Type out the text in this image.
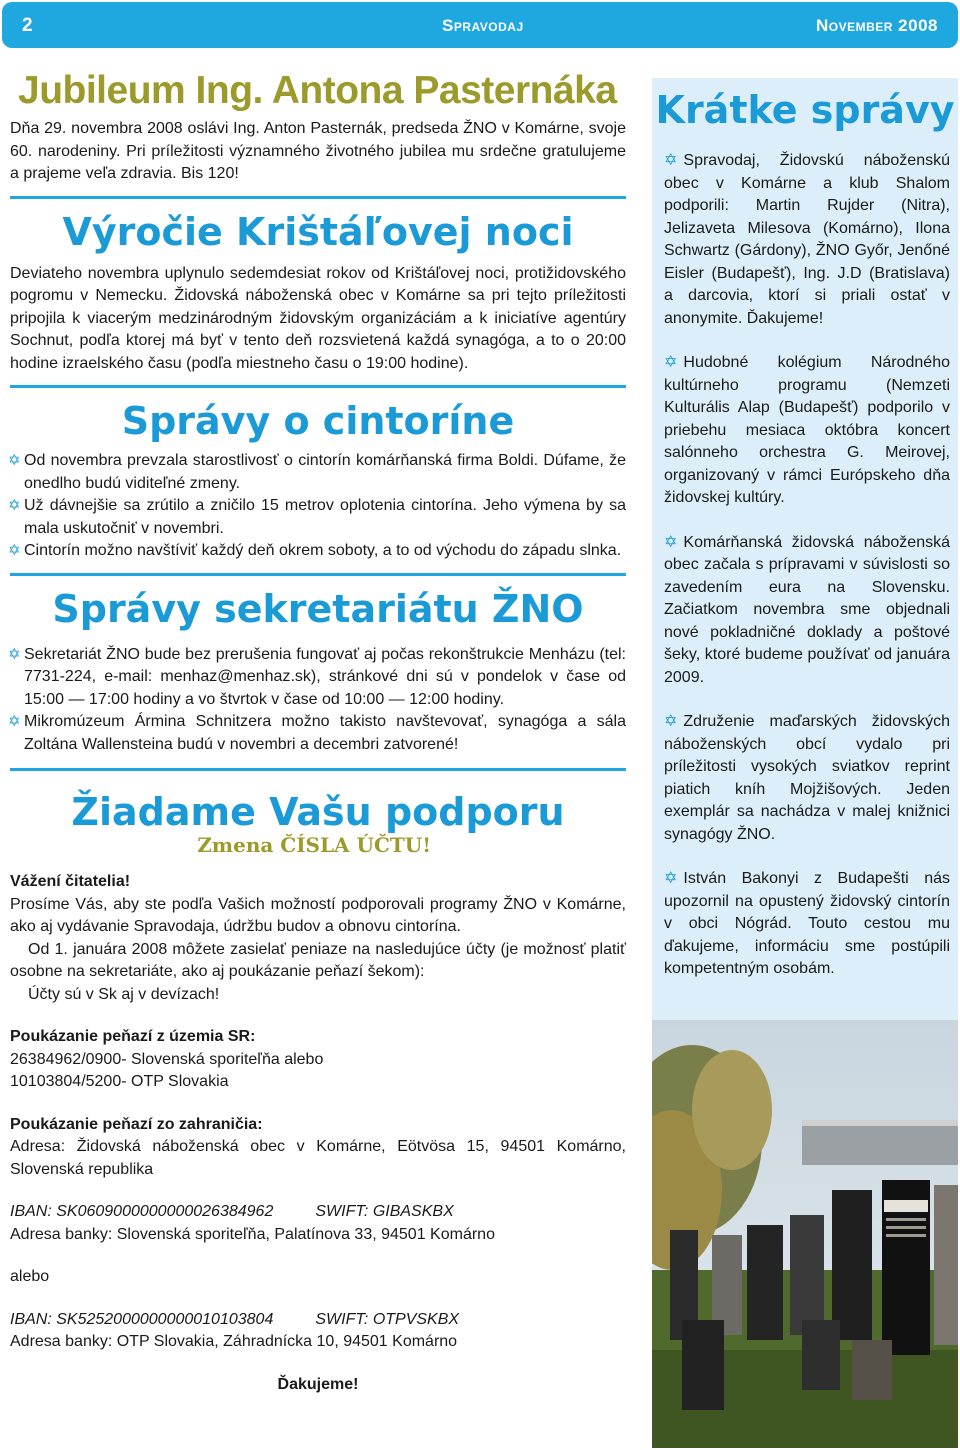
2	Spravodaj	November 2008
Jubileum Ing. Antona Pasternáka

Dňa 29. novembra 2008 oslávi Ing. Anton Pasternák, predseda ŽNO v Komárne, svoje 60. narodeniny. Pri príležitosti významného životného jubilea mu srdečne gratulujeme a prajeme veľa zdravia. Bis 120!

Výročie Krištáľovej noci

Deviateho novembra uplynulo sedemdesiat rokov od Krištáľovej noci, protižidovského pogromu v Nemecku. Židovská náboženská obec v Komárne sa pri tejto príležitosti pripojila k viacerým medzinárodným židovským organizáciám a k iniciatíve agentúry Sochnut, podľa ktorej má byť v tento deň rozsvietená každá synagóga, a to o 20:00 hodine izraelského času (podľa miestneho času o 19:00 hodine).

Správy o cintoríne

✡ Od novembra prevzala starostlivosť o cintorín komárňanská firma Boldi. Dúfame, že onedlho budú viditeľné zmeny.

✡ Už dávnejšie sa zrútilo a zničilo 15 metrov oplotenia cintorína. Jeho výmena by sa mala uskutočniť v novembri.

✡ Cintorín možno navštíviť každý deň okrem soboty, a to od východu do západu slnka.

Správy sekretariátu ŽNO

✡ Sekretariát ŽNO bude bez prerušenia fungovať aj počas rekonštrukcie Menházu (tel: 7731-224, e-mail: menhaz@menhaz.sk), stránkové dni sú v pondelok v čase od 15:00 — 17:00 hodiny a vo štvrtok v čase od 10:00 — 12:00 hodiny.

✡ Mikromúzeum Ármina Schnitzera možno takisto navštevovať, synagóga a sála Zoltána Wallensteina budú v novembri a decembri zatvorené!

Žiadame Vašu podporu
Zmena ČÍSLA ÚČTU!

Vážení čitatelia!

Prosíme Vás, aby ste podľa Vašich možností podporovali programy ŽNO v Komárne, ako aj vydávanie Spravodaja, údržbu budov a obnovu cintorína.

Od 1. januára 2008 môžete zasielať peniaze na nasledujúce účty (je možnosť platiť osobne na sekretariáte, ako aj poukázanie peňazí šekom):

Účty sú v Sk aj v devízach!

Poukázanie peňazí z územia SR:

26384962/0900- Slovenská sporiteľňa alebo

10103804/5200- OTP Slovakia

Poukázanie peňazí zo zahraničia:

Adresa: Židovská náboženská obec v Komárne, Eötvösa 15, 94501 Komárno, Slovenská republika

IBAN: SK0609000000000026384962	SWIFT: GIBASKBX

Adresa banky: Slovenská sporiteľňa, Palatínova 33, 94501 Komárno

alebo

IBAN: SK5252000000000010103804	SWIFT: OTPVSKBX

Adresa banky: OTP Slovakia, Záhradnícka 10, 94501 Komárno

Ďakujeme!

Krátke správy
✡ Spravodaj, Židovskú náboženskú obec v Komárne a klub Shalom podporili: Martin Rujder (Nitra), Jelizaveta Milesova (Komárno), Ilona Schwartz (Gárdony), ŽNO Győr, Jenőné Eisler (Budapešť), Ing. J.D (Bratislava) a darcovia, ktorí si priali ostať v anonymite. Ďakujeme!
✡ Hudobné kolégium Národného kultúrneho programu (Nemzeti Kulturális Alap (Budapešť) podporilo v priebehu mesiaca októbra koncert salónneho orchestra G. Meirovej, organizovaný v rámci Európskeho dňa židovskej kultúry.
✡ Komárňanská židovská náboženská obec začala s prípravami v súvislosti so zavedením eura na Slovensku. Začiatkom novembra sme objednali nové pokladničné doklady a poštové šeky, ktoré budeme používať od januára 2009.
✡ Združenie maďarských židovských náboženských obcí vydalo pri príležitosti vysokých sviatkov reprint piatich kníh Mojžišových. Jeden exemplár sa nachádza v malej knižnici synagógy ŽNO.
✡ István Bakonyi z Budapešti nás upozornil na opustený židovský cintorín v obci Nógrád. Touto cestou mu ďakujeme, informáciu sme postúpili kompetentným osobám.
